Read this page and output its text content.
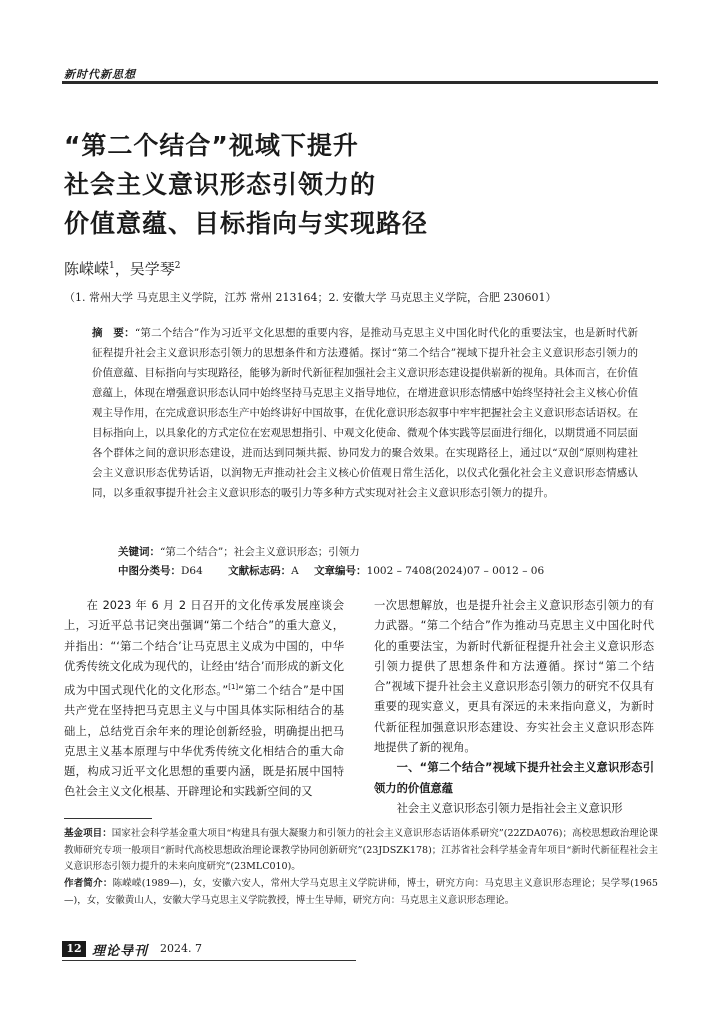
新时代新思想
“第二个结合”视域下提升
社会主义意识形态引领力的
价值意蕴、目标指向与实现路径
陈嵘嵘$^1$，吴学琴$^2$
（1. 常州大学 马克思主义学院，江苏 常州 213164；2. 安徽大学 马克思主义学院，合肥 230601）

摘　要：“第二个结合”作为习近平文化思想的重要内容，是推动马克思主义中国化时代化的重要法宝，也是新时代新征程提升社会主义意识形态引领力的思想条件和方法遵循。探讨“第二个结合”视域下提升社会主义意识形态引领力的价值意蕴、目标指向与实现路径，能够为新时代新征程加强社会主义意识形态建设提供崭新的视角。具体而言，在价值意蕴上，体现在增强意识形态认同中始终坚持马克思主义指导地位，在增进意识形态情感中始终坚持社会主义核心价值观主导作用，在完成意识形态生产中始终讲好中国故事，在优化意识形态叙事中牢牢把握社会主义意识形态话语权。在目标指向上，以具象化的方式定位在宏观思想指引、中观文化使命、微观个体实践等层面进行细化，以期贯通不同层面各个群体之间的意识形态建设，进而达到同频共振、协同发力的聚合效果。在实现路径上，通过以“双创”原则构建社会主义意识形态优势话语，以润物无声推动社会主义核心价值观日常生活化，以仪式化强化社会主义意识形态情感认同，以多重叙事提升社会主义意识形态的吸引力等多种方式实现对社会主义意识形态引领力的提升。

关键词：“第二个结合”；社会主义意识形态；引领力
中图分类号：D64 文献标志码：A 文章编号：1002 – 7408(2024)07 – 0012 – 06

在 2023 年 6 月 2 日召开的文化传承发展座谈会上，习近平总书记突出强调“第二个结合”的重大意义，并指出：“‘第二个结合’让马克思主义成为中国的，中华优秀传统文化成为现代的，让经由‘结合’而形成的新文化成为中国式现代化的文化形态。”[1]“第二个结合”是中国共产党在坚持把马克思主义与中国具体实际相结合的基础上，总结党百余年来的理论创新经验，明确提出把马克思主义基本原理与中华优秀传统文化相结合的重大命题，构成习近平文化思想的重要内涵，既是拓展中国特色社会主义文化根基、开辟理论和实践新空间的又

一次思想解放，也是提升社会主义意识形态引领力的有力武器。“第二个结合”作为推动马克思主义中国化时代化的重要法宝，为新时代新征程提升社会主义意识形态引领力提供了思想条件和方法遵循。探讨“第二个结合”视域下提升社会主义意识形态引领力的研究不仅具有重要的现实意义，更具有深远的未来指向意义，为新时代新征程加强意识形态建设、夯实社会主义意识形态阵地提供了新的视角。

一、“第二个结合”视域下提升社会主义意识形态引领力的价值意蕴

社会主义意识形态引领力是指社会主义意识形

基金项目：国家社会科学基金重大项目“构建具有强大凝聚力和引领力的社会主义意识形态话语体系研究”(22ZDA076)；高校思想政治理论课教师研究专项一般项目“新时代高校思想政治理论课教学协同创新研究”(23JDSZK178)；江苏省社会科学基金青年项目“新时代新征程社会主义意识形态引领力提升的未来向度研究”(23MLC010)。

作者简介：陈嵘嵘(1989—)，女，安徽六安人，常州大学马克思主义学院讲师，博士，研究方向：马克思主义意识形态理论；吴学琴(1965—)，女，安徽黄山人，安徽大学马克思主义学院教授，博士生导师，研究方向：马克思主义意识形态理论。

12 理论导刊 2024. 7
